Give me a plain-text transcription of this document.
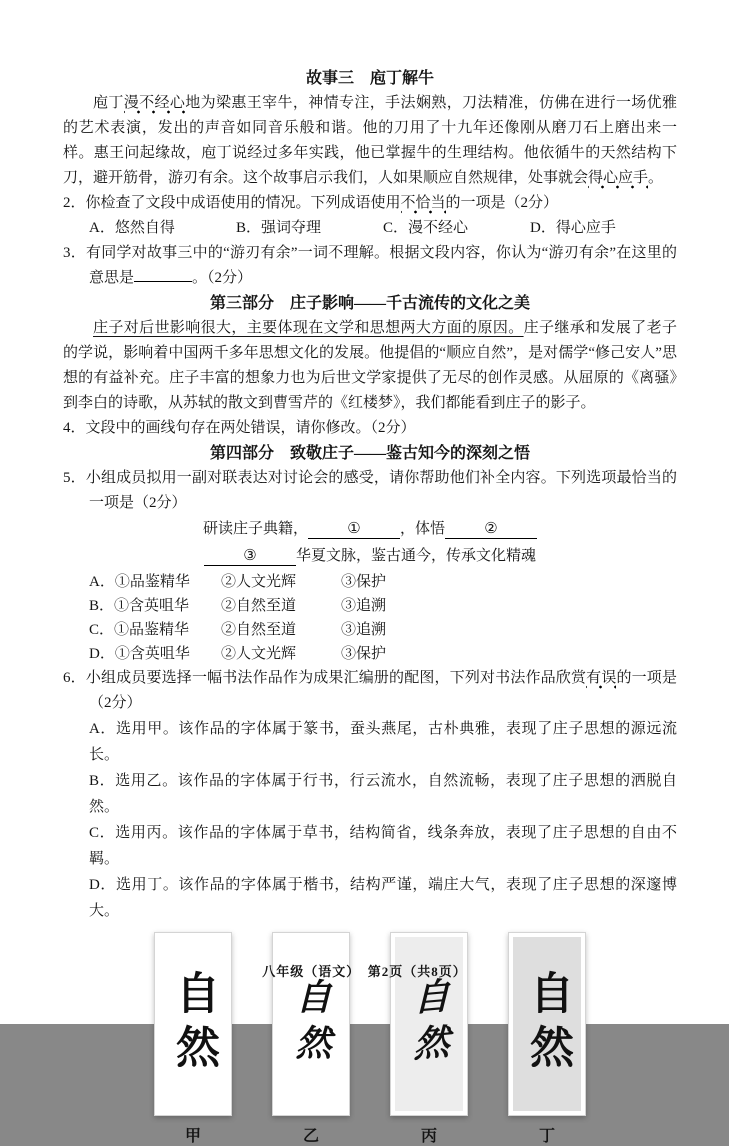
故事三　庖丁解牛

庖丁漫不经心地为梁惠王宰牛，神情专注，手法娴熟，刀法精准，仿佛在进行一场优雅的艺术表演，发出的声音如同音乐般和谐。他的刀用了十九年还像刚从磨刀石上磨出来一样。惠王问起缘故，庖丁说经过多年实践，他已掌握牛的生理结构。他依循牛的天然结构下刀，避开筋骨，游刃有余。这个故事启示我们，人如果顺应自然规律，处事就会得心应手。

2．你检查了文段中成语使用的情况。下列成语使用不恰当的一项是（2分）

A．悠然自得	B．强词夺理	C．漫不经心	D．得心应手

3．有同学对故事三中的“游刃有余”一词不理解。根据文段内容，你认为“游刃有余”在这里的意思是	。（2分）

第三部分　庄子影响——千古流传的文化之美

庄子对后世影响很大，主要体现在文学和思想两大方面的原因。庄子继承和发展了老子的学说，影响着中国两千多年思想文化的发展。他提倡的“顺应自然”，是对儒学“修己安人”思想的有益补充。庄子丰富的想象力也为后世文学家提供了无尽的创作灵感。从屈原的《离骚》到李白的诗歌，从苏轼的散文到曹雪芹的《红楼梦》，我们都能看到庄子的影子。

4．文段中的画线句存在两处错误，请你修改。（2分）

第四部分　致敬庄子——鉴古知今的深刻之悟

5．小组成员拟用一副对联表达对讨论会的感受，请你帮助他们补全内容。下列选项最恰当的一项是（2分）

研读庄子典籍，	①	，体悟	②

③	华夏文脉，鉴古通今，传承文化精魂

A．①品鉴精华	②人文光辉	③保护
B．①含英咀华	②自然至道	③追溯
C．①品鉴精华	②自然至道	③追溯
D．①含英咀华	②人文光辉	③保护

6．小组成员要选择一幅书法作品作为成果汇编册的配图，下列对书法作品欣赏有误的一项是（2分）

A．选用甲。该作品的字体属于篆书，蚕头燕尾，古朴典雅，表现了庄子思想的源远流长。

B．选用乙。该作品的字体属于行书，行云流水，自然流畅，表现了庄子思想的洒脱自然。

C．选用丙。该作品的字体属于草书，结构简省，线条奔放，表现了庄子思想的自由不羁。

D．选用丁。该作品的字体属于楷书，结构严谨，端庄大气，表现了庄子思想的深邃博大。

自然
甲
自然
乙
自然
丙
自然
丁
八年级（语文）　第2页（共8页）
